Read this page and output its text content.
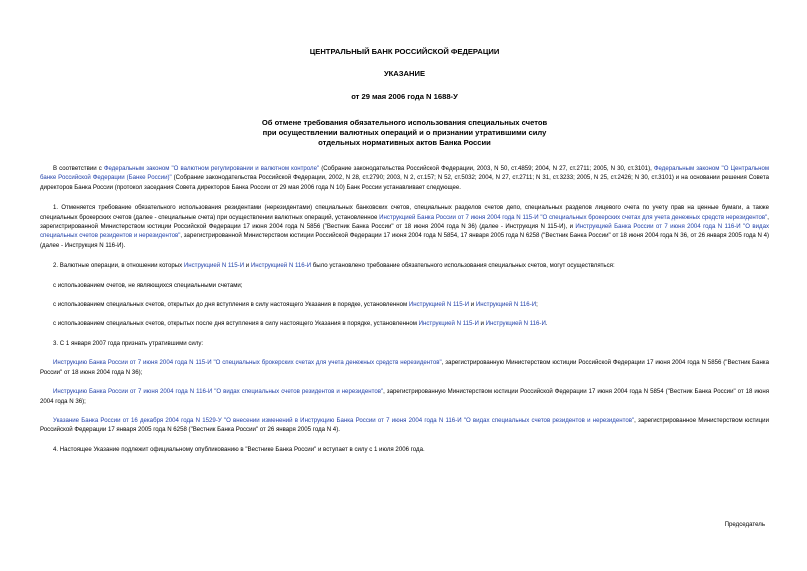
ЦЕНТРАЛЬНЫЙ БАНК РОССИЙСКОЙ ФЕДЕРАЦИИ

УКАЗАНИЕ

от 29 мая 2006 года N 1688-У

Об отмене требования обязательного использования специальных счетов

при осуществлении валютных операций и о признании утратившими силу

отдельных нормативных актов Банка России

В соответствии с Федеральным законом "О валютном регулировании и валютном контроле" (Собрание законодательства Российской Федерации, 2003, N 50, ст.4859; 2004, N 27, ст.2711; 2005, N 30, ст.3101), Федеральным законом "О Центральном банке Российской Федерации (Банке России)" (Собрание законодательства Российской Федерации, 2002, N 28, ст.2790; 2003, N 2, ст.157; N 52, ст.5032; 2004, N 27, ст.2711; N 31, ст.3233; 2005, N 25, ст.2426; N 30, ст.3101) и на основании решения Совета директоров Банка России (протокол заседания Совета директоров Банка России от 29 мая 2006 года N 10) Банк России устанавливает следующее.

1. Отменяется требование обязательного использования резидентами (нерезидентами) специальных банковских счетов, специальных разделов счетов депо, специальных разделов лицевого счета по учету прав на ценные бумаги, а также специальных брокерских счетов (далее - специальные счета) при осуществлении валютных операций, установленное Инструкцией Банка России от 7 июня 2004 года N 115-И "О специальных брокерских счетах для учета денежных средств нерезидентов", зарегистрированной Министерством юстиции Российской Федерации 17 июня 2004 года N 5856 ("Вестник Банка России" от 18 июня 2004 года N 36) (далее - Инструкция N 115-И), и Инструкцией Банка России от 7 июня 2004 года N 116-И "О видах специальных счетов резидентов и нерезидентов", зарегистрированной Министерством юстиции Российской Федерации 17 июня 2004 года N 5854, 17 января 2005 года N 6258 ("Вестник Банка России" от 18 июня 2004 года N 36, от 26 января 2005 года N 4) (далее - Инструкция N 116-И).

2. Валютные операции, в отношении которых Инструкцией N 115-И и Инструкцией N 116-И было установлено требование обязательного использования специальных счетов, могут осуществляться:

с использованием счетов, не являющихся специальными счетами;

с использованием специальных счетов, открытых до дня вступления в силу настоящего Указания в порядке, установленном Инструкцией N 115-И и Инструкцией N 116-И;

с использованием специальных счетов, открытых после дня вступления в силу настоящего Указания в порядке, установленном Инструкцией N 115-И и Инструкцией N 116-И.

3. С 1 января 2007 года признать утратившими силу:

Инструкцию Банка России от 7 июня 2004 года N 115-И "О специальных брокерских счетах для учета денежных средств нерезидентов", зарегистрированную Министерством юстиции Российской Федерации 17 июня 2004 года N 5856 ("Вестник Банка России" от 18 июня 2004 года N 36);

Инструкцию Банка России от 7 июня 2004 года N 116-И "О видах специальных счетов резидентов и нерезидентов", зарегистрированную Министерством юстиции Российской Федерации 17 июня 2004 года N 5854 ("Вестник Банка России" от 18 июня 2004 года N 36);

Указание Банка России от 16 декабря 2004 года N 1529-У "О внесении изменений в Инструкцию Банка России от 7 июня 2004 года N 116-И "О видах специальных счетов резидентов и нерезидентов", зарегистрированное Министерством юстиции Российской Федерации 17 января 2005 года N 6258 ("Вестник Банка России" от 26 января 2005 года N 4).

4. Настоящее Указание подлежит официальному опубликованию в "Вестнике Банка России" и вступает в силу с 1 июля 2006 года.

Председатель
